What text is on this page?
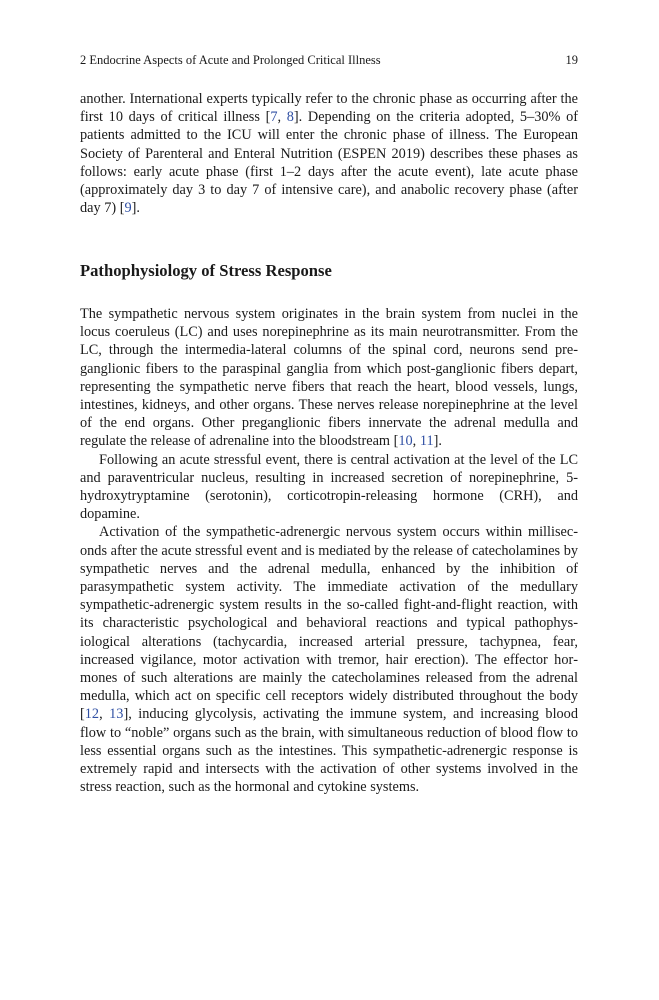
2 Endocrine Aspects of Acute and Prolonged Critical Illness	19

another. International experts typically refer to the chronic phase as occurring after the first 10 days of critical illness [7, 8]. Depending on the criteria adopted, 5–30% of patients admitted to the ICU will enter the chronic phase of illness. The European Society of Parenteral and Enteral Nutrition (ESPEN 2019) describes these phases as follows: early acute phase (first 1–2 days after the acute event), late acute phase (approximately day 3 to day 7 of intensive care), and anabolic recovery phase (after day 7) [9].

Pathophysiology of Stress Response

The sympathetic nervous system originates in the brain system from nuclei in the locus coeruleus (LC) and uses norepinephrine as its main neurotransmitter. From the LC, through the intermedia-lateral columns of the spinal cord, neurons send pre-ganglionic fibers to the paraspinal ganglia from which post-ganglionic fibers depart, representing the sympathetic nerve fibers that reach the heart, blood vessels, lungs, intestines, kidneys, and other organs. These nerves release norepinephrine at the level of the end organs. Other preganglionic fibers innervate the adrenal medulla and regulate the release of adrenaline into the bloodstream [10, 11].

Following an acute stressful event, there is central activation at the level of the LC and paraventricular nucleus, resulting in increased secretion of norepinephrine, 5-hydroxytryptamine (serotonin), corticotropin-releasing hormone (CRH), and dopamine.

Activation of the sympathetic-adrenergic nervous system occurs within milliseconds after the acute stressful event and is mediated by the release of catecholamines by sympathetic nerves and the adrenal medulla, enhanced by the inhibition of parasympathetic system activity. The immediate activation of the medullary sympathetic-adrenergic system results in the so-called fight-and-flight reaction, with its characteristic psychological and behavioral reactions and typical pathophysiological alterations (tachycardia, increased arterial pressure, tachypnea, fear, increased vigilance, motor activation with tremor, hair erection). The effector hormones of such alterations are mainly the catecholamines released from the adrenal medulla, which act on specific cell receptors widely distributed throughout the body [12, 13], inducing glycolysis, activating the immune system, and increasing blood flow to “noble” organs such as the brain, with simultaneous reduction of blood flow to less essential organs such as the intestines. This sympathetic-adrenergic response is extremely rapid and intersects with the activation of other systems involved in the stress reaction, such as the hormonal and cytokine systems.
